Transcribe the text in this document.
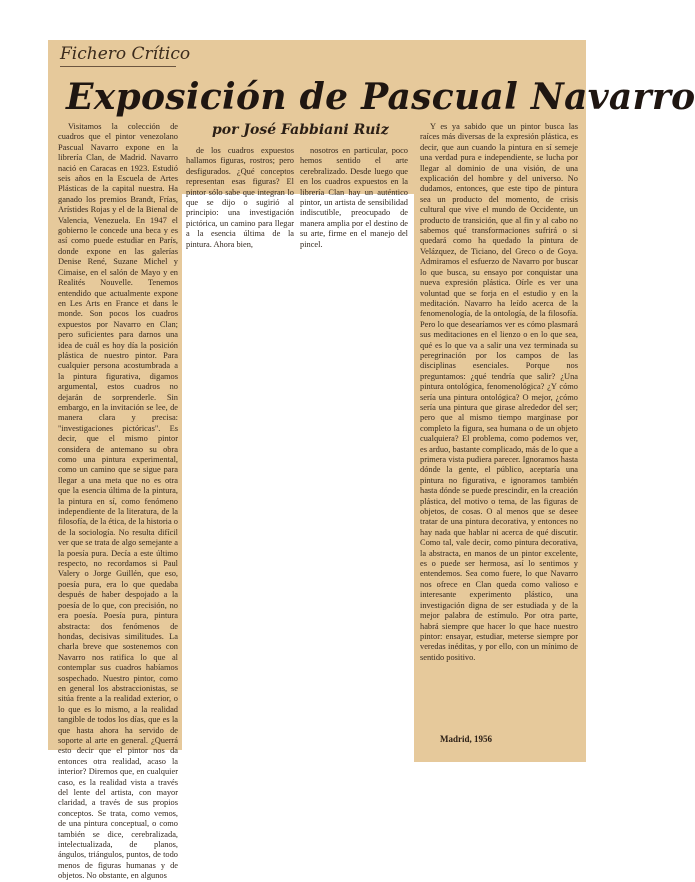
Fichero Crítico
Exposición de Pascual Navarro
por José Fabbiani Ruiz

Visitamos la colección de cuadros que el pintor venezolano Pascual Navarro expone en la librería Clan, de Madrid. Navarro nació en Caracas en 1923. Estudió seis años en la Escuela de Artes Plásticas de la capital nuestra. Ha ganado los premios Brandt, Frías, Arístides Rojas y el de la Bienal de Valencia, Venezuela. En 1947 el gobierno le concede una beca y es así como puede estudiar en París, donde expone en las galerías Denise René, Suzane Michel y Cimaise, en el salón de Mayo y en Realités Nouvelle. Tenemos entendido que actualmente expone en Les Arts en France et dans le monde. Son pocos los cuadros expuestos por Navarro en Clan; pero suficientes para darnos una idea de cuál es hoy día la posición plástica de nuestro pintor. Para cualquier persona acostumbrada a la pintura figurativa, digamos argumental, estos cuadros no dejarán de sorprenderle. Sin embargo, en la invitación se lee, de manera clara y precisa: "investigaciones pictóricas". Es decir, que el mismo pintor considera de antemano su obra como una pintura experimental, como un camino que se sigue para llegar a una meta que no es otra que la esencia última de la pintura, la pintura en sí, como fenómeno independiente de la literatura, de la filosofía, de la ética, de la historia o de la sociología. No resulta difícil ver que se trata de algo semejante a la poesía pura. Decía a este último respecto, no recordamos si Paul Valery o Jorge Guillén, que eso, poesía pura, era lo que quedaba después de haber despojado a la poesía de lo que, con precisión, no era poesía. Poesía pura, pintura abstracta: dos fenómenos de hondas, decisivas similitudes. La charla breve que sostenemos con Navarro nos ratifica lo que al contemplar sus cuadros habíamos sospechado. Nuestro pintor, como en general los abstraccionistas, se sitúa frente a la realidad exterior, o lo que es lo mismo, a la realidad tangible de todos los días, que es la que hasta ahora ha servido de soporte al arte en general. ¿Querrá esto decir que el pintor nos da entonces otra realidad, acaso la interior? Diremos que, en cualquier caso, es la realidad vista a través del lente del artista, con mayor claridad, a través de sus propios conceptos. Se trata, como vemos, de una pintura conceptual, o como también se dice, cerebralizada, intelectualizada, de planos, ángulos, triángulos, puntos, de todo menos de figuras humanas y de objetos. No obstante, en algunos

de los cuadros expuestos hallamos figuras, rostros; pero desfigurados. ¿Qué conceptos representan esas figuras? El pintor sólo sabe que integran lo que se dijo o sugirió al principio: una investigación pictórica, un camino para llegar a la esencia última de la pintura. Ahora bien,

nosotros en particular, poco hemos sentido el arte cerebralizado. Desde luego que en los cuadros expuestos en la librería Clan hay un auténtico pintor, un artista de sensibilidad indiscutible, preocupado de manera amplia por el destino de su arte, firme en el manejo del pincel.

Y es ya sabido que un pintor busca las raíces más diversas de la expresión plástica, es decir, que aun cuando la pintura en sí semeje una verdad pura e independiente, se lucha por llegar al dominio de una visión, de una explicación del hombre y del universo. No dudamos, entonces, que este tipo de pintura sea un producto del momento, de crisis cultural que vive el mundo de Occidente, un producto de transición, que al fin y al cabo no sabemos qué transformaciones sufrirá o si quedará como ha quedado la pintura de Velázquez, de Ticiano, del Greco o de Goya. Admiramos el esfuerzo de Navarro por buscar lo que busca, su ensayo por conquistar una nueva expresión plástica. Oírle es ver una voluntad que se forja en el estudio y en la meditación. Navarro ha leído acerca de la fenomenología, de la ontología, de la filosofía. Pero lo que desearíamos ver es cómo plasmará sus meditaciones en el lienzo o en lo que sea, qué es lo que va a salir una vez terminada su peregrinación por los campos de las disciplinas esenciales. Porque nos preguntamos: ¿qué tendría que salir? ¿Una pintura ontológica, fenomenológica? ¿Y cómo sería una pintura ontológica? O mejor, ¿cómo sería una pintura que girase alrededor del ser; pero que al mismo tiempo marginase por completo la figura, sea humana o de un objeto cualquiera? El problema, como podemos ver, es arduo, bastante complicado, más de lo que a primera vista pudiera parecer. Ignoramos hasta dónde la gente, el público, aceptaría una pintura no figurativa, e ignoramos también hasta dónde se puede prescindir, en la creación plástica, del motivo o tema, de las figuras de objetos, de cosas. O al menos que se desee tratar de una pintura decorativa, y entonces no hay nada que hablar ni acerca de qué discutir. Como tal, vale decir, como pintura decorativa, la abstracta, en manos de un pintor excelente, es o puede ser hermosa, así lo sentimos y entendemos. Sea como fuere, lo que Navarro nos ofrece en Clan queda como valioso e interesante experimento plástico, una investigación digna de ser estudiada y de la mejor palabra de estímulo. Por otra parte, habrá siempre que hacer lo que hace nuestro pintor: ensayar, estudiar, meterse siempre por veredas inéditas, y por ello, con un mínimo de sentido positivo.

Madrid, 1956
